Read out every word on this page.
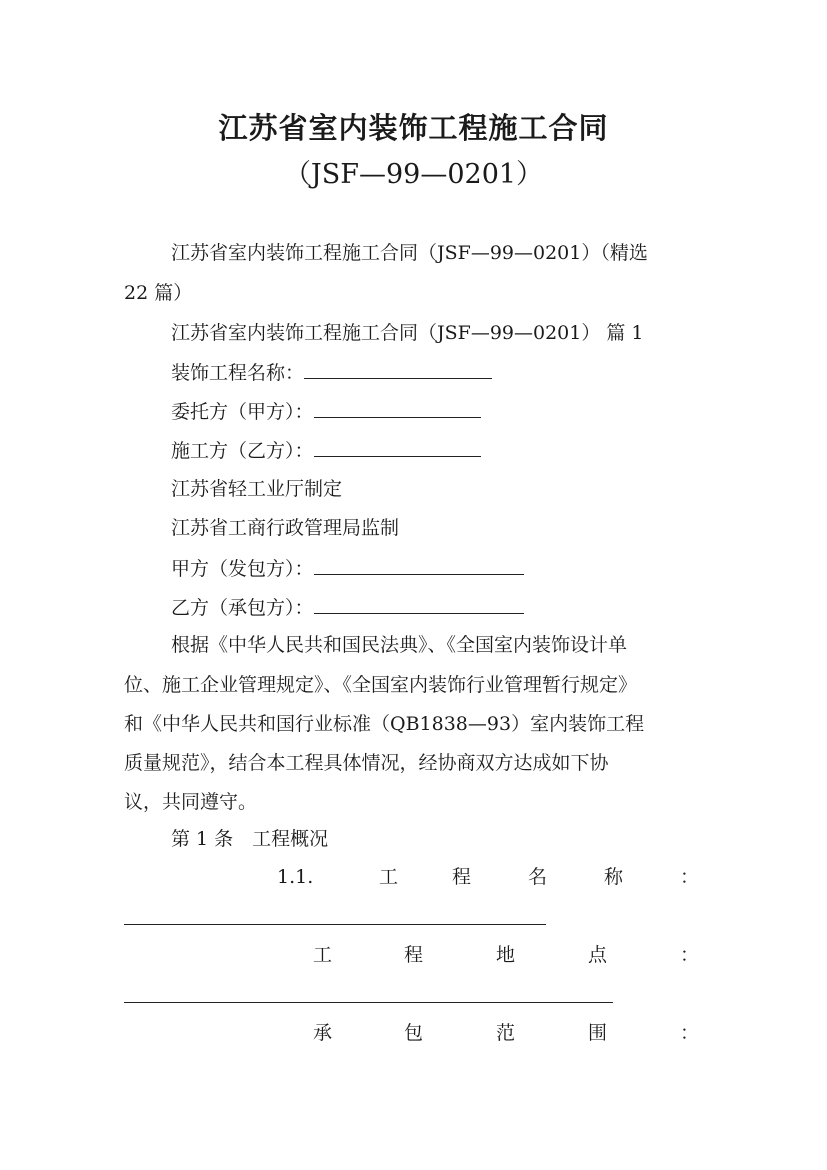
江苏省室内装饰工程施工合同
（JSF—99—0201）
江苏省室内装饰工程施工合同（JSF—99—0201）（精选
22 篇）
江苏省室内装饰工程施工合同（JSF—99—0201） 篇 1
装饰工程名称：
委托方（甲方）：
施工方（乙方）：
江苏省轻工业厅制定
江苏省工商行政管理局监制
甲方（发包方）：
乙方（承包方）：
根据《中华人民共和国民法典》、《全国室内装饰设计单
位、施工企业管理规定》、《全国室内装饰行业管理暂行规定》
和《中华人民共和国行业标准（QB1838—93）室内装饰工程
质量规范》，结合本工程具体情况，经协商双方达成如下协
议，共同遵守。
第 1 条　工程概况
1.1.	工	程	名	称	：
工	程	地	点	：
承	包	范	围	：
